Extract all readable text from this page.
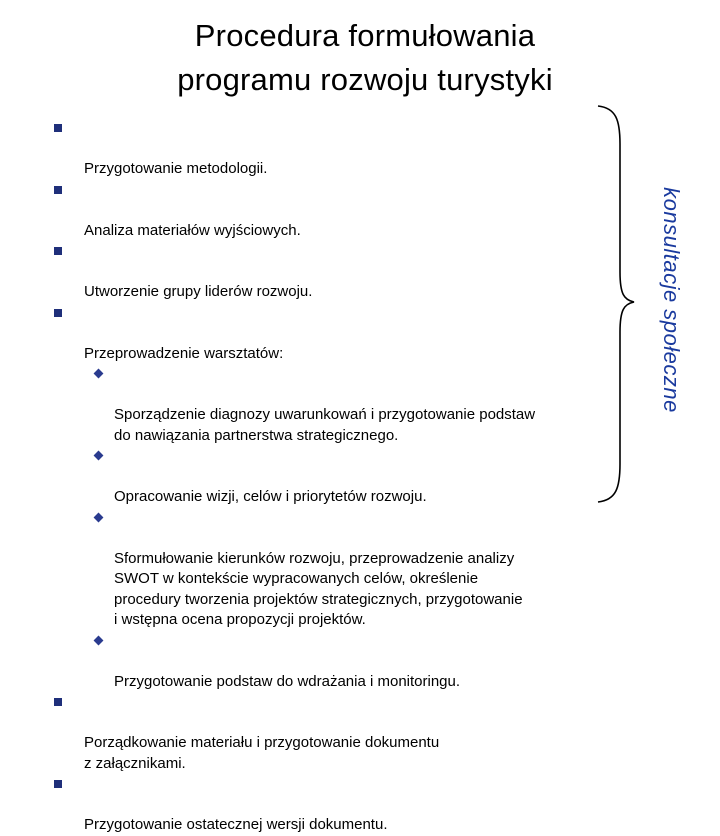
Procedura formułowania
programu rozwoju turystyki

Przygotowanie metodologii.

Analiza materiałów wyjściowych.

Utworzenie grupy liderów rozwoju.

Przeprowadzenie warsztatów:

Sporządzenie diagnozy uwarunkowań i przygotowanie podstaw
do nawiązania partnerstwa strategicznego.

Opracowanie wizji, celów i priorytetów rozwoju.

Sformułowanie kierunków rozwoju, przeprowadzenie analizy
SWOT w kontekście wypracowanych celów, określenie
procedury tworzenia projektów strategicznych, przygotowanie
i wstępna ocena propozycji projektów.

Przygotowanie podstaw do wdrażania i monitoringu.

Porządkowanie materiału i przygotowanie dokumentu
z załącznikami.

Przygotowanie ostatecznej wersji dokumentu.

konsultacje społeczne
